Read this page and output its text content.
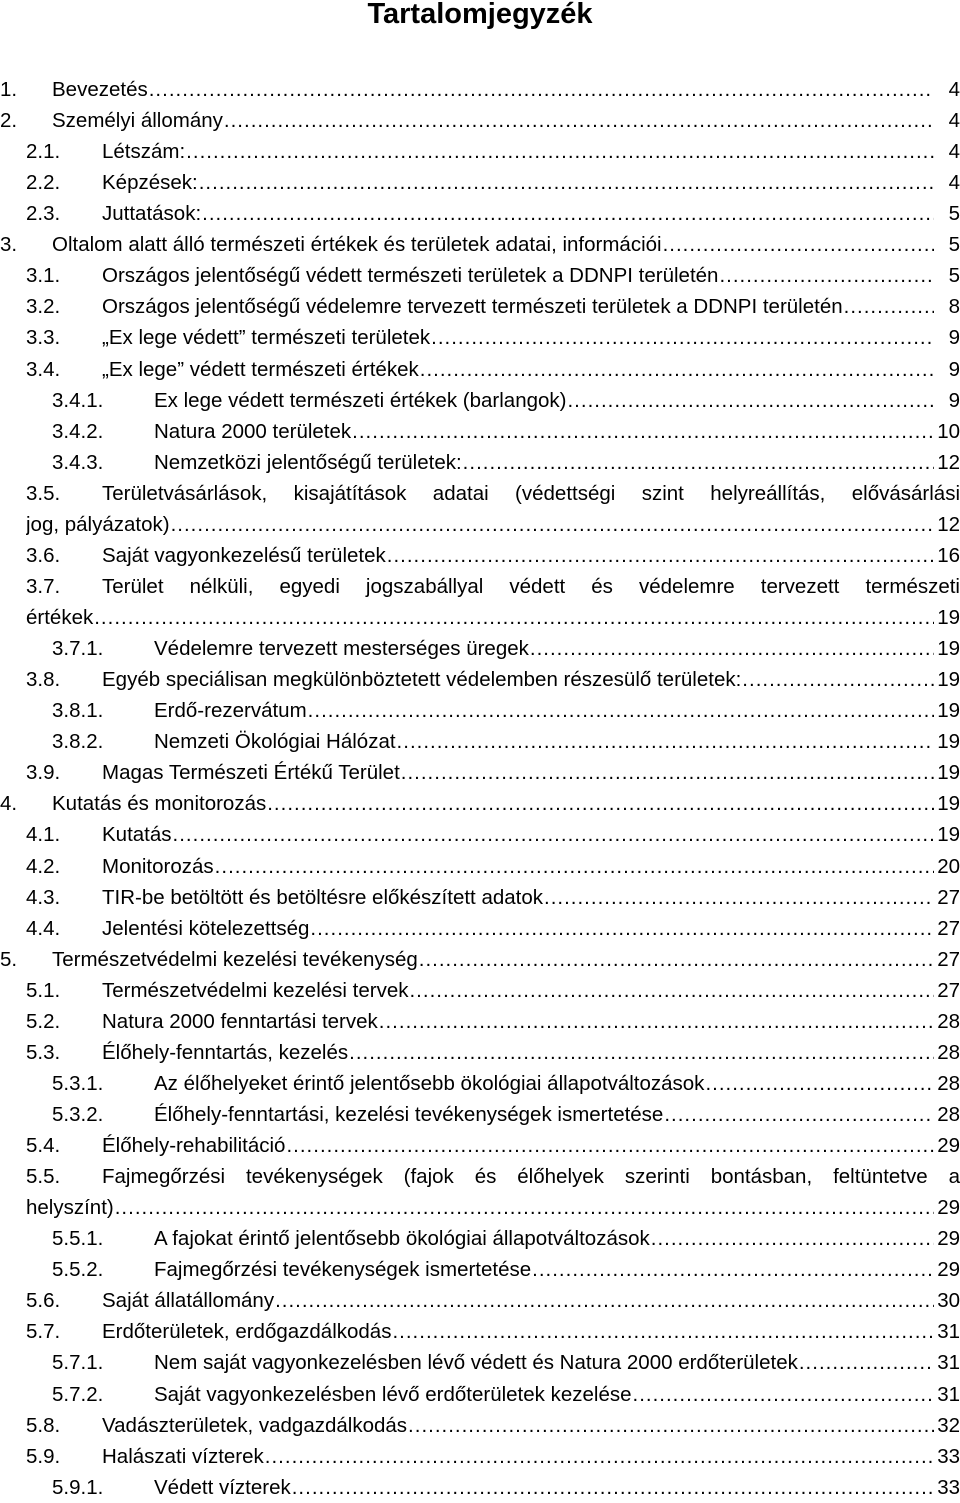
Tartalomjegyzék
1. Bevezetés .....	4
2. Személyi állomány .....	4
2.1. Létszám: .....	4
2.2. Képzések: .....	4
2.3. Juttatások: .....	5
3. Oltalom alatt álló természeti értékek és területek adatai, információi .....	5
3.1. Országos jelentőségű védett természeti területek a DDNPI területén .....	5
3.2. Országos jelentőségű védelemre tervezett természeti területek a DDNPI területén .....	8
3.3. „Ex lege védett” természeti területek .....	9
3.4. „Ex lege” védett természeti értékek .....	9
3.4.1. Ex lege védett természeti értékek (barlangok) .....	9
3.4.2. Natura 2000 területek .....	10
3.4.3. Nemzetközi jelentőségű területek: .....	12
3.5. Területvásárlások, kisajátítások adatai (védettségi szint helyreállítás, elővásárlási
jog, pályázatok) .....	12
3.6. Saját vagyonkezelésű területek .....	16
3.7. Terület nélküli, egyedi jogszabállyal védett és védelemre tervezett természeti
értékek .....	19
3.7.1. Védelemre tervezett mesterséges üregek .....	19
3.8. Egyéb speciálisan megkülönböztetett védelemben részesülő területek: .....	19
3.8.1. Erdő-rezervátum .....	19
3.8.2. Nemzeti Ökológiai Hálózat .....	19
3.9. Magas Természeti Értékű Terület .....	19
4. Kutatás és monitorozás .....	19
4.1. Kutatás .....	19
4.2. Monitorozás .....	20
4.3. TIR-be betöltött és betöltésre előkészített adatok .....	27
4.4. Jelentési kötelezettség .....	27
5. Természetvédelmi kezelési tevékenység .....	27
5.1. Természetvédelmi kezelési tervek .....	27
5.2. Natura 2000 fenntartási tervek .....	28
5.3. Élőhely-fenntartás, kezelés .....	28
5.3.1. Az élőhelyeket érintő jelentősebb ökológiai állapotváltozások .....	28
5.3.2. Élőhely-fenntartási, kezelési tevékenységek ismertetése .....	28
5.4. Élőhely-rehabilitáció .....	29
5.5. Fajmegőrzési tevékenységek (fajok és élőhelyek szerinti bontásban, feltüntetve a
helyszínt) .....	29
5.5.1. A fajokat érintő jelentősebb ökológiai állapotváltozások .....	29
5.5.2. Fajmegőrzési tevékenységek ismertetése .....	29
5.6. Saját állatállomány .....	30
5.7. Erdőterületek, erdőgazdálkodás .....	31
5.7.1. Nem saját vagyonkezelésben lévő védett és Natura 2000 erdőterületek .....	31
5.7.2. Saját vagyonkezelésben lévő erdőterületek kezelése .....	31
5.8. Vadászterületek, vadgazdálkodás .....	32
5.9. Halászati vízterek .....	33
5.9.1. Védett vízterek .....	33
